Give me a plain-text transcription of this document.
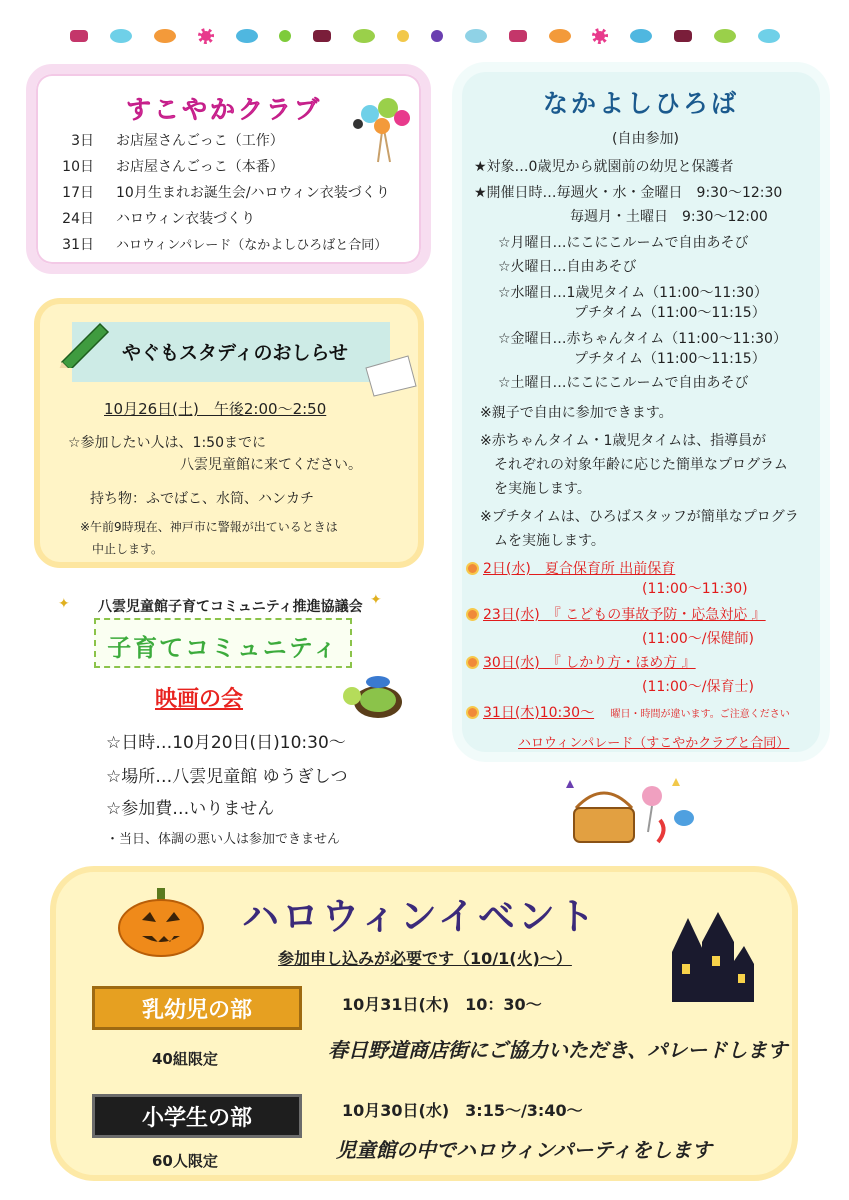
すこやかクラブ
3日	お店屋さんごっこ（工作）
10日	お店屋さんごっこ（本番）
17日	10月生まれお誕生会/ハロウィン衣装づくり
24日	ハロウィン衣装づくり
31日	ハロウィンパレード（なかよしひろばと合同）
やぐもスタディのおしらせ
10月26日(土)　午後2:00～2:50
☆参加したい人は、1:50までに
八雲児童館に来てください。
持ち物：ふでばこ、水筒、ハンカチ
※午前9時現在、神戸市に警報が出ているときは
中止します。
なかよしひろば
(自由参加)
★対象…0歳児から就園前の幼児と保護者
★開催日時…毎週火・水・金曜日　9:30～12:30
毎週月・土曜日　9:30～12:00
☆月曜日…にこにこルームで自由あそび
☆火曜日…自由あそび
☆水曜日…1歳児タイム（11:00～11:30）
プチタイム（11:00～11:15）
☆金曜日…赤ちゃんタイム（11:00～11:30）
プチタイム（11:00～11:15）
☆土曜日…にこにこルームで自由あそび
※親子で自由に参加できます。
※赤ちゃんタイム・1歳児タイムは、指導員が
それぞれの対象年齢に応じた簡単なプログラム
を実施します。
※プチタイムは、ひろばスタッフが簡単なプログラ
ムを実施します。
2日(水)　夏合保育所 出前保育
(11:00～11:30)
23日(水)　『 こどもの事故予防・応急対応 』
(11:00～/保健師)
30日(水)　『 しかり方・ほめ方 』
(11:00～/保育士)
31日(木)10:30～ 曜日・時間が違います。ご注意ください
ハロウィンパレード（すこやかクラブと合同）
✦	✦
八雲児童館子育てコミュニティ推進協議会
子育てコミュニティ
映画の会
☆日時…10月20日(日)10:30～
☆場所…八雲児童館 ゆうぎしつ
☆参加費…いりません
・当日、体調の悪い人は参加できません
ハロウィンイベント
参加申し込みが必要です（10/1(火)～）
乳幼児の部	10月31日(木)　10：30～
春日野道商店街にご協力いただき、パレードします
40組限定
小学生の部	10月30日(水)　3:15～/3:40～
児童館の中でハロウィンパーティをします
60人限定
